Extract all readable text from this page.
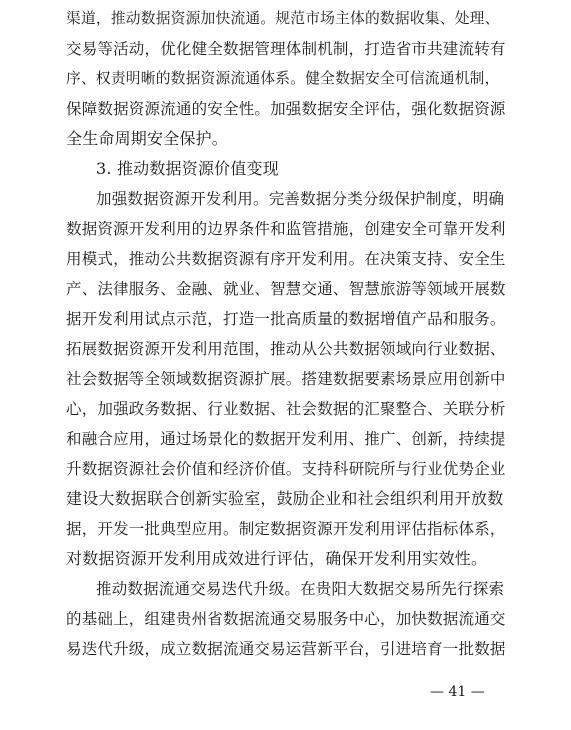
渠道，推动数据资源加快流通。规范市场主体的数据收集、处理、
交易等活动，优化健全数据管理体制机制，打造省市共建流转有
序、权责明晰的数据资源流通体系。健全数据安全可信流通机制，
保障数据资源流通的安全性。加强数据安全评估，强化数据资源
全生命周期安全保护。
3. 推动数据资源价值变现
加强数据资源开发利用。完善数据分类分级保护制度，明确
数据资源开发利用的边界条件和监管措施，创建安全可靠开发利
用模式，推动公共数据资源有序开发利用。在决策支持、安全生
产、法律服务、金融、就业、智慧交通、智慧旅游等领域开展数
据开发利用试点示范，打造一批高质量的数据增值产品和服务。
拓展数据资源开发利用范围，推动从公共数据领域向行业数据、
社会数据等全领域数据资源扩展。搭建数据要素场景应用创新中
心，加强政务数据、行业数据、社会数据的汇聚整合、关联分析
和融合应用，通过场景化的数据开发利用、推广、创新，持续提
升数据资源社会价值和经济价值。支持科研院所与行业优势企业
建设大数据联合创新实验室，鼓励企业和社会组织利用开放数
据，开发一批典型应用。制定数据资源开发利用评估指标体系，
对数据资源开发利用成效进行评估，确保开发利用实效性。
推动数据流通交易迭代升级。在贵阳大数据交易所先行探索
的基础上，组建贵州省数据流通交易服务中心，加快数据流通交
易迭代升级，成立数据流通交易运营新平台，引进培育一批数据
— 41 —
